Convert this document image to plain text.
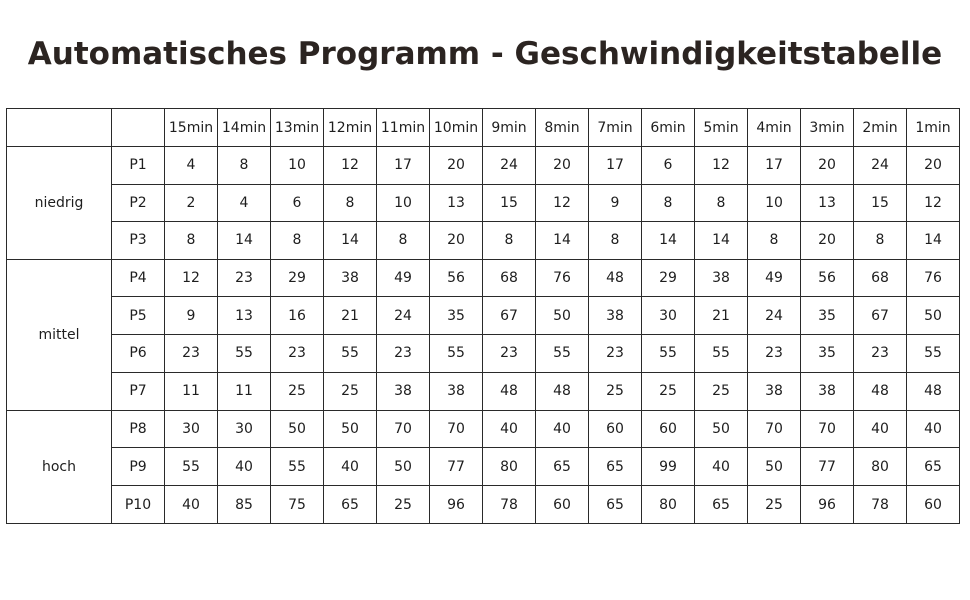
Automatisches Programm - Geschwindigkeitstabelle
		15min	14min	13min	12min	11min	10min	9min	8min	7min	6min	5min	4min	3min	2min	1min
niedrig	P1	4	8	10	12	17	20	24	20	17	6	12	17	20	24	20
	P2	2	4	6	8	10	13	15	12	9	8	8	10	13	15	12
	P3	8	14	8	14	8	20	8	14	8	14	14	8	20	8	14
mittel	P4	12	23	29	38	49	56	68	76	48	29	38	49	56	68	76
	P5	9	13	16	21	24	35	67	50	38	30	21	24	35	67	50
	P6	23	55	23	55	23	55	23	55	23	55	55	23	35	23	55
	P7	11	11	25	25	38	38	48	48	25	25	25	38	38	48	48
hoch	P8	30	30	50	50	70	70	40	40	60	60	50	70	70	40	40
	P9	55	40	55	40	50	77	80	65	65	99	40	50	77	80	65
	P10	40	85	75	65	25	96	78	60	65	80	65	25	96	78	60
